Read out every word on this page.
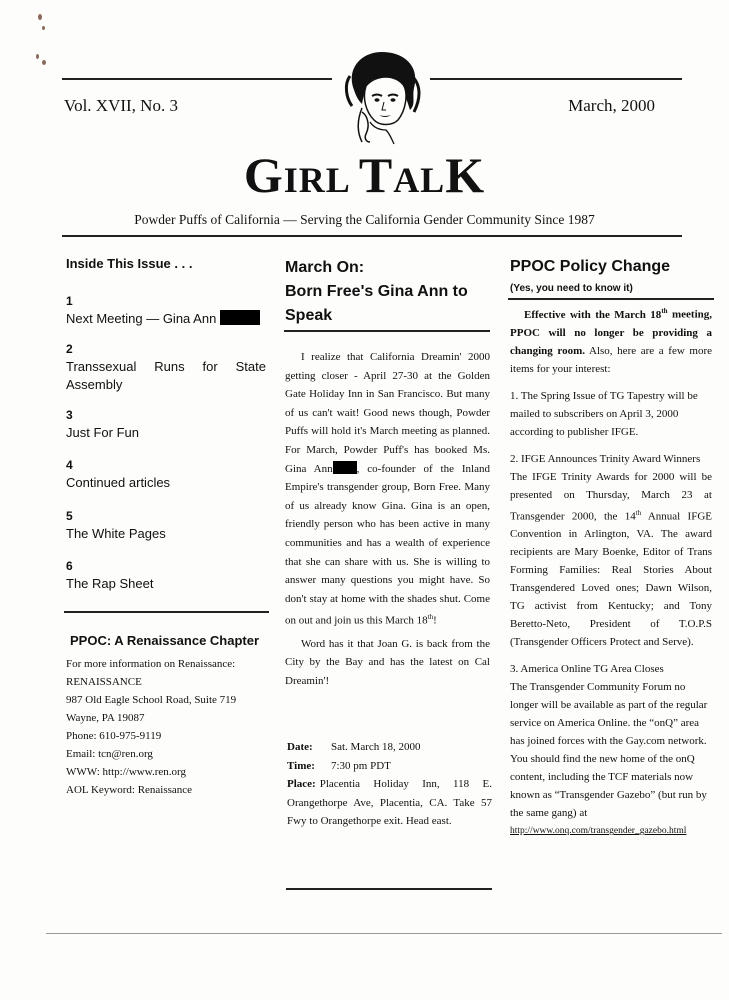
Vol. XVII, No. 3	March, 2000
GIRL TALK
Powder Puffs of California — Serving the California Gender Community Since 1987
Inside This Issue . . .
1
Next Meeting — Gina Ann
2
Transsexual Runs for State Assembly
3
Just For Fun
4
Continued articles
5
The White Pages
6
The Rap Sheet
PPOC: A Renaissance Chapter
For more information on Renaissance:
RENAISSANCE
987 Old Eagle School Road, Suite 719
Wayne, PA 19087
Phone: 610-975-9119
Email: tcn@ren.org
WWW: http://www.ren.org
AOL Keyword: Renaissance
March On:
Born Free's Gina Ann to Speak

I realize that California Dreamin' 2000 getting closer - April 27-30 at the Golden Gate Holiday Inn in San Francisco. But many of us can't wait! Good news though, Powder Puffs will hold it's March meeting as planned. For March, Powder Puff's has booked Ms. Gina Ann , co-founder of the Inland Empire's transgender group, Born Free. Many of us already know Gina. Gina is an open, friendly person who has been active in many communities and has a wealth of experience that she can share with us. She is willing to answer many questions you might have. So don't stay at home with the shades shut. Come on out and join us this March 18th!

Word has it that Joan G. is back from the City by the Bay and has the latest on Cal Dreamin'!

Date: Sat. March 18, 2000
Time: 7:30 pm PDT
Place: Placentia Holiday Inn, 118 E. Orangethorpe Ave, Placentia, CA. Take 57 Fwy to Orangethorpe exit. Head east.
PPOC Policy Change
(Yes, you need to know it)

Effective with the March 18th meeting, PPOC will no longer be providing a changing room. Also, here are a few more items for your interest:

1. The Spring Issue of TG Tapestry will be mailed to subscribers on April 3, 2000 according to publisher IFGE.

2. IFGE Announces Trinity Award Winners

The IFGE Trinity Awards for 2000 will be presented on Thursday, March 23 at Transgender 2000, the 14th Annual IFGE Convention in Arlington, VA. The award recipients are Mary Boenke, Editor of Trans Forming Families: Real Stories About Transgendered Loved ones; Dawn Wilson, TG activist from Kentucky; and Tony Beretto-Neto, President of T.O.P.S (Transgender Officers Protect and Serve).

3. America Online TG Area Closes

The Transgender Community Forum no longer will be available as part of the regular service on America Online. the “onQ” area has joined forces with the Gay.com network. You should find the new home of the onQ content, including the TCF materials now known as “Transgender Gazebo” (but run by the same gang) at

http://www.onq.com/transgender_gazebo.html
